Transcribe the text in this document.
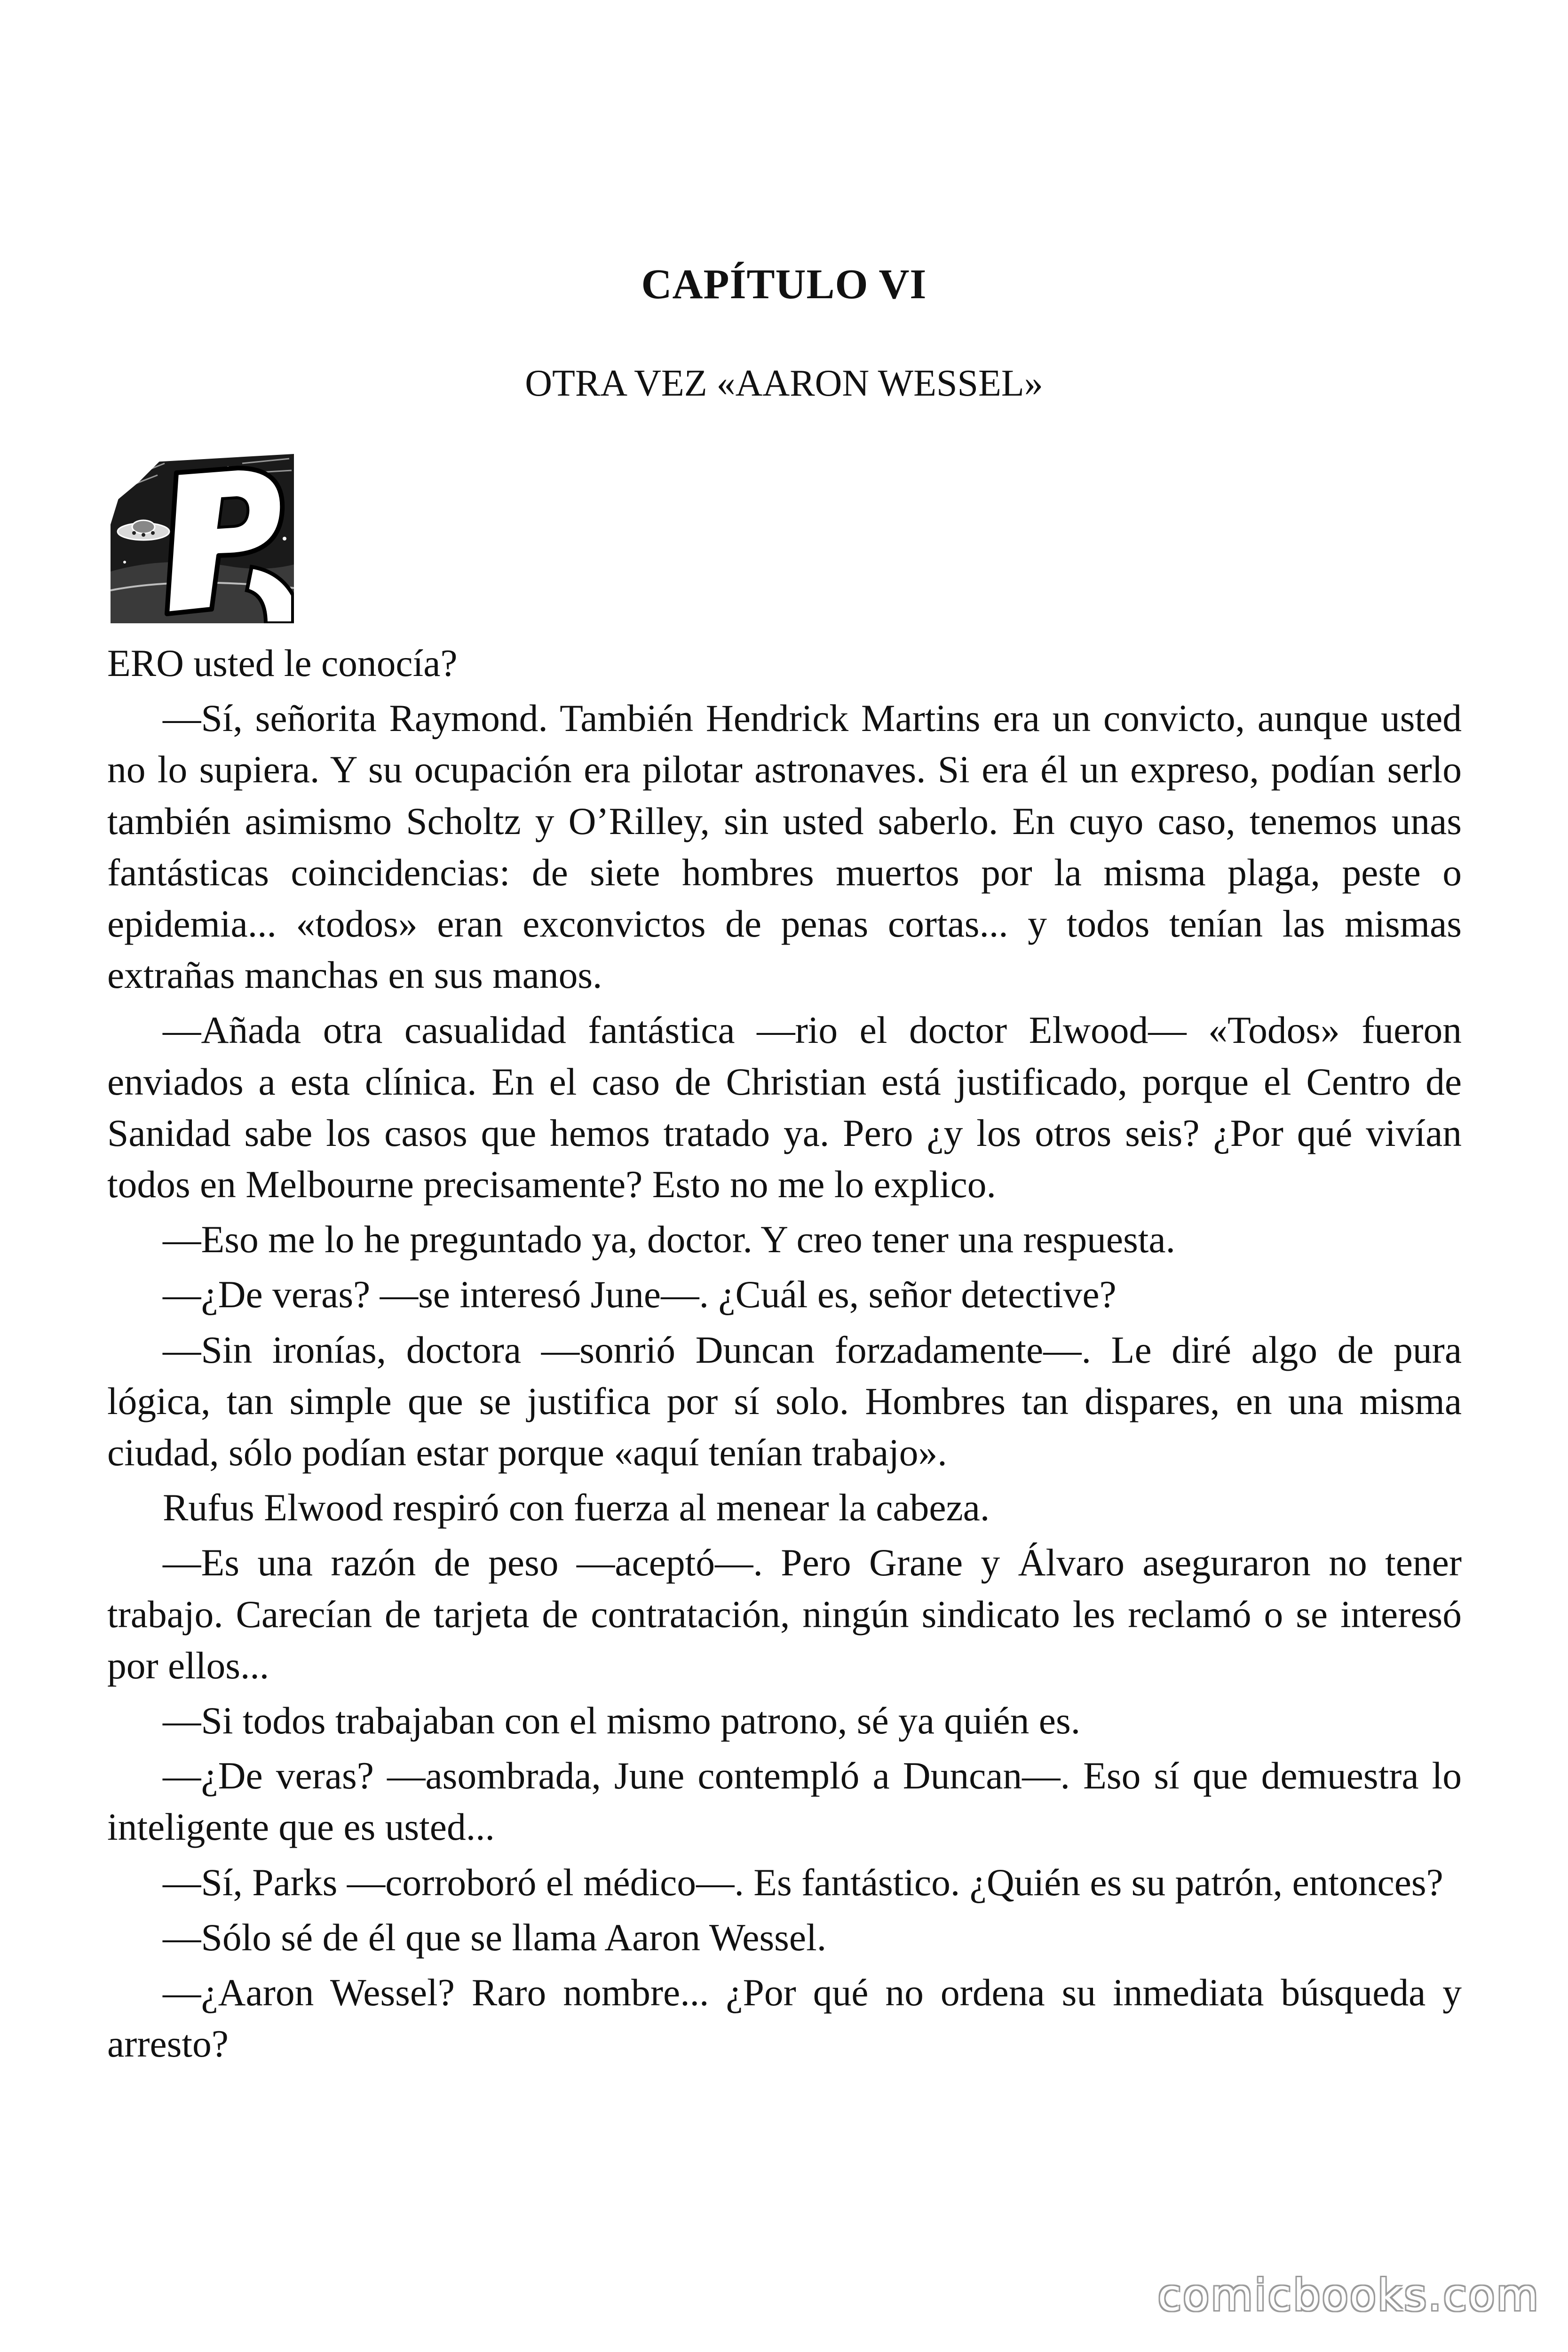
CAPÍTULO VI
OTRA VEZ «AARON WESSEL»

ERO usted le conocía?

—Sí, señorita Raymond. También Hendrick Martins era un convicto, aunque usted no lo supiera. Y su ocupación era pilotar astronaves. Si era él un expreso, podían serlo también asimismo Scholtz y O’Rilley, sin usted saberlo. En cuyo caso, tenemos unas fantásticas coincidencias: de siete hombres muertos por la misma plaga, peste o epidemia... «todos» eran exconvictos de penas cortas... y todos tenían las mismas extrañas manchas en sus manos.

—Añada otra casualidad fantástica —rio el doctor Elwood— «Todos» fueron enviados a esta clínica. En el caso de Christian está justificado, porque el Centro de Sanidad sabe los casos que hemos tratado ya. Pero ¿y los otros seis? ¿Por qué vivían todos en Melbourne precisamente? Esto no me lo explico.

—Eso me lo he preguntado ya, doctor. Y creo tener una respuesta.

—¿De veras? —se interesó June—. ¿Cuál es, señor detective?

—Sin ironías, doctora —sonrió Duncan forzadamente—. Le diré algo de pura lógica, tan simple que se justifica por sí solo. Hombres tan dispares, en una misma ciudad, sólo podían estar porque «aquí tenían trabajo».

Rufus Elwood respiró con fuerza al menear la cabeza.

—Es una razón de peso —aceptó—. Pero Grane y Álvaro aseguraron no tener trabajo. Carecían de tarjeta de contratación, ningún sindicato les reclamó o se interesó por ellos...

—Si todos trabajaban con el mismo patrono, sé ya quién es.

—¿De veras? —asombrada, June contempló a Duncan—. Eso sí que demuestra lo inteligente que es usted...

—Sí, Parks —corroboró el médico—. Es fantástico. ¿Quién es su patrón, entonces?

—Sólo sé de él que se llama Aaron Wessel.

—¿Aaron Wessel? Raro nombre... ¿Por qué no ordena su inmediata búsqueda y arresto?

comicbooks.com
